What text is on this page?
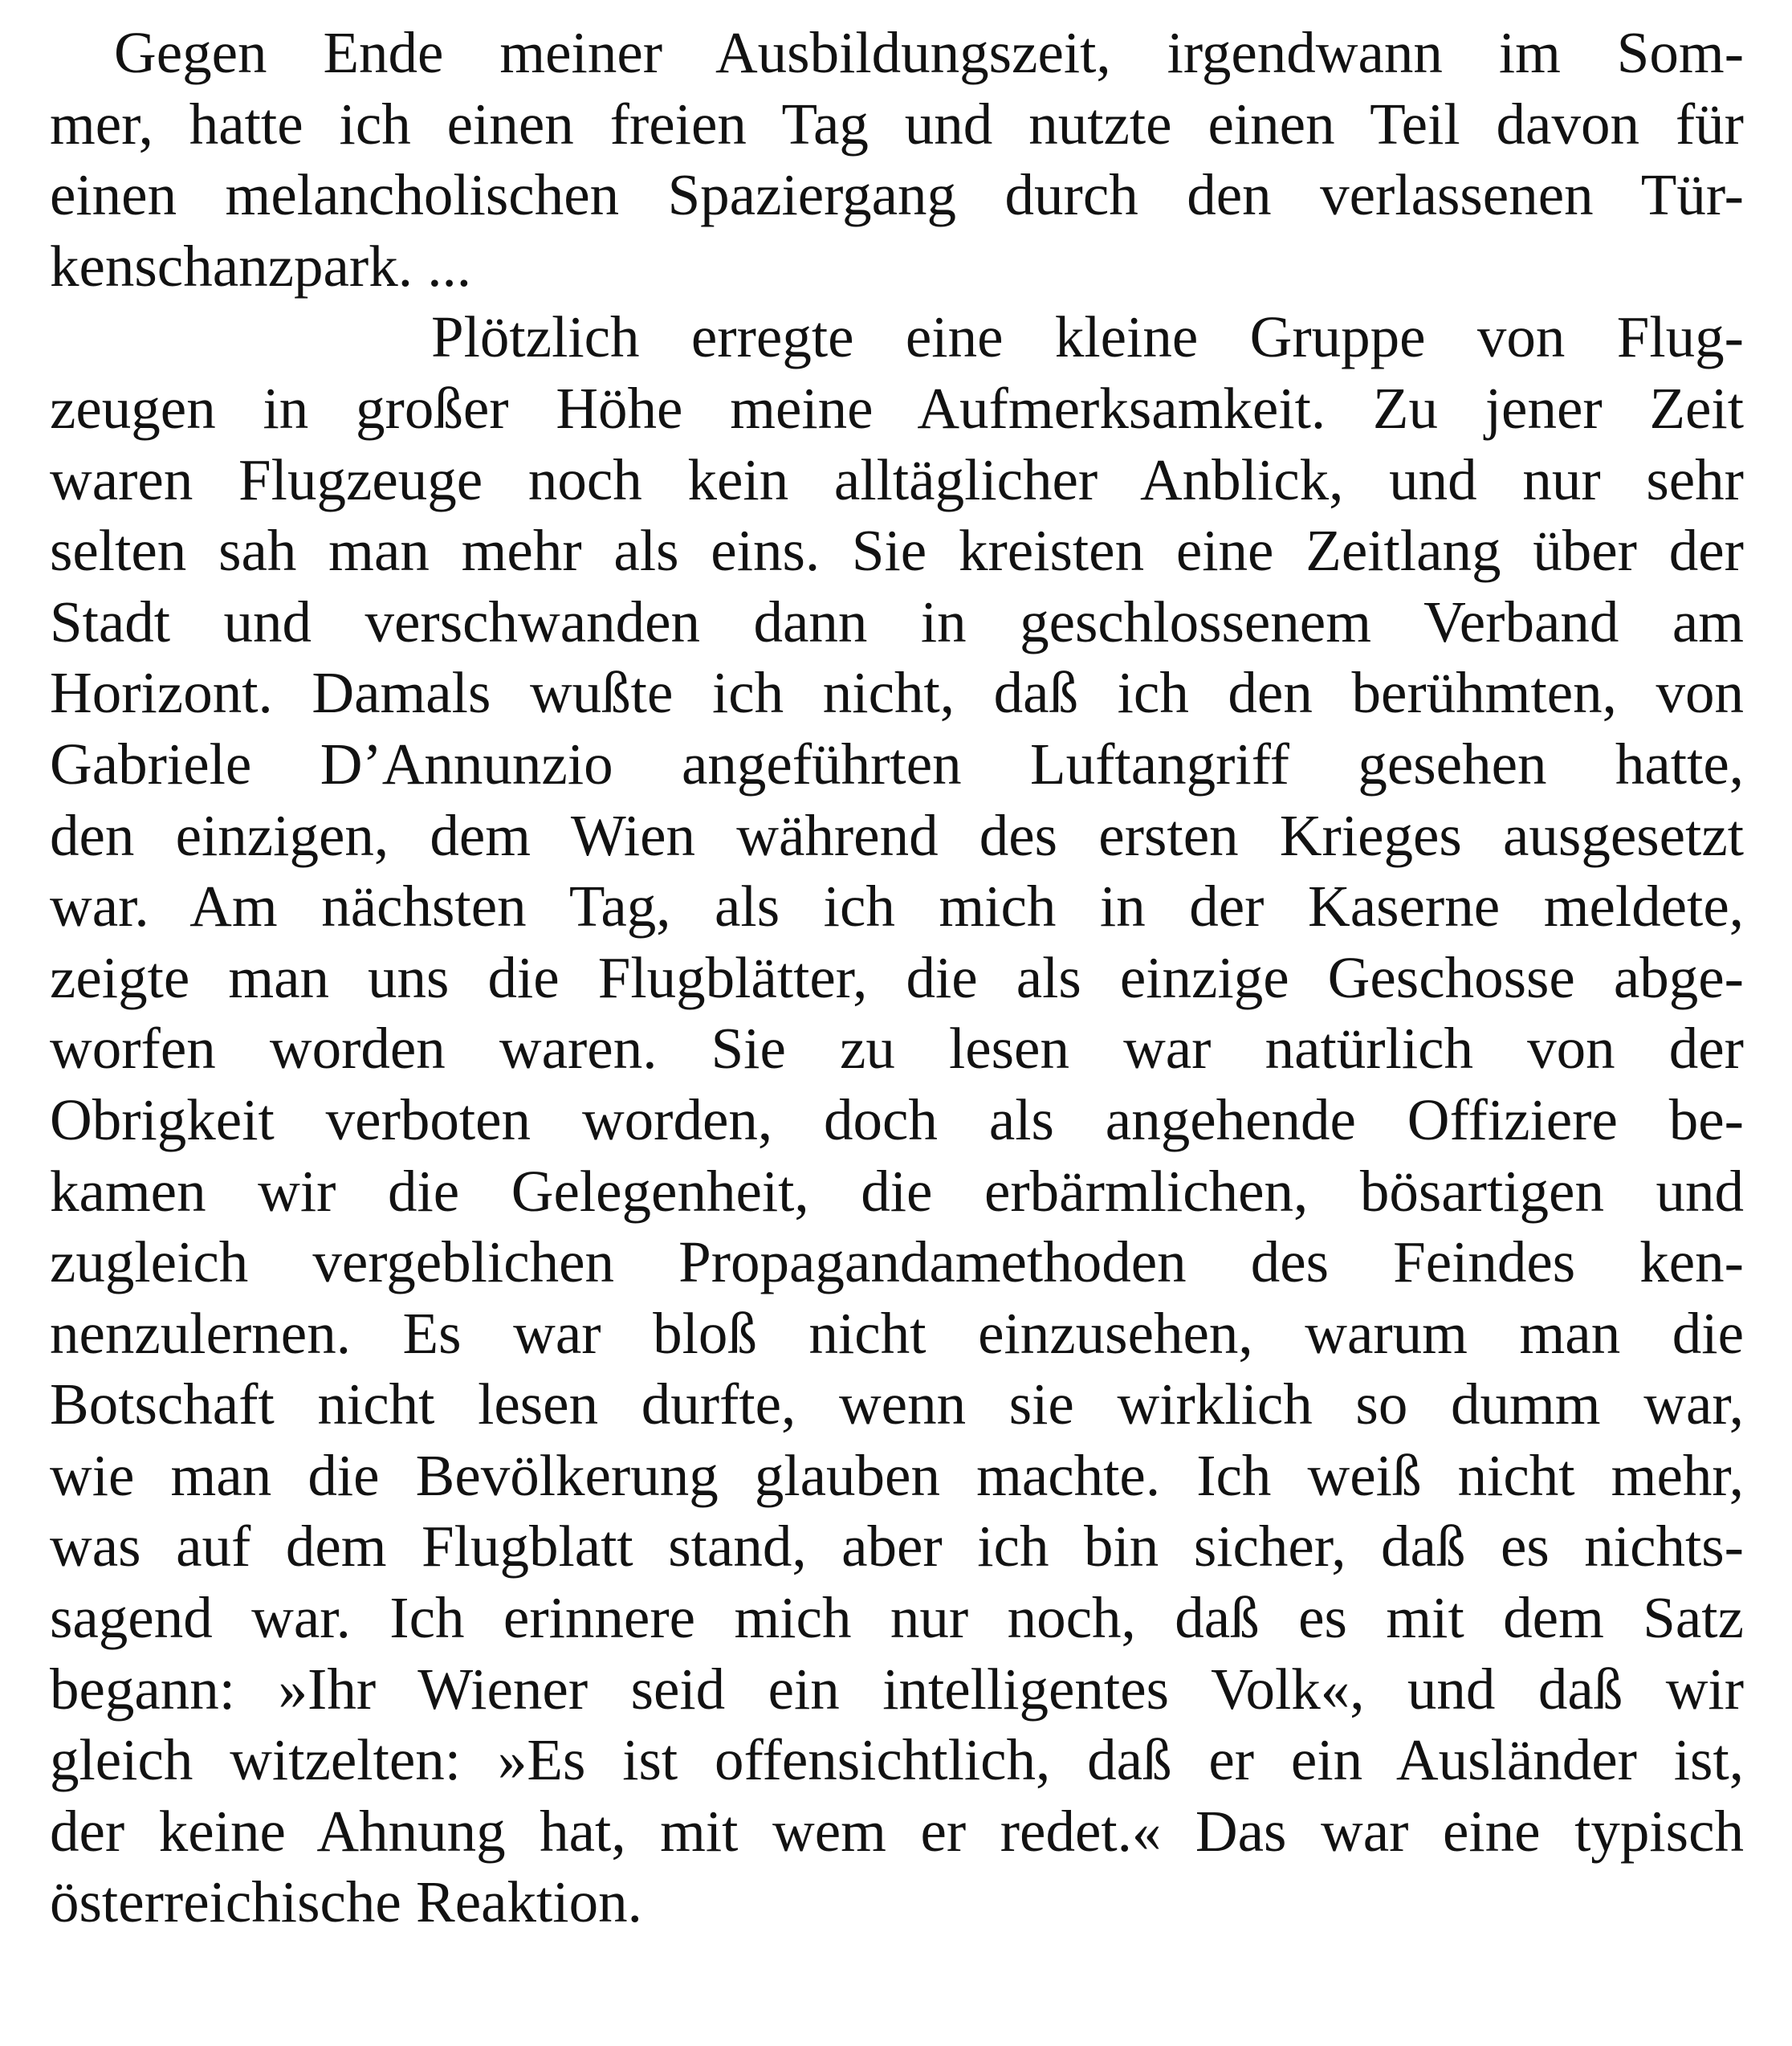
Gegen Ende meiner Ausbildungszeit, irgendwann im Som-
mer, hatte ich einen freien Tag und nutzte einen Teil davon für
einen melancholischen Spaziergang durch den verlassenen Tür-
kenschanzpark. ...
Plötzlich erregte eine kleine Gruppe von Flug-
zeugen in großer Höhe meine Aufmerksamkeit. Zu jener Zeit
waren Flugzeuge noch kein alltäglicher Anblick, und nur sehr
selten sah man mehr als eins. Sie kreisten eine Zeitlang über der
Stadt und verschwanden dann in geschlossenem Verband am
Horizont. Damals wußte ich nicht, daß ich den berühmten, von
Gabriele D’Annunzio angeführten Luftangriff gesehen hatte,
den einzigen, dem Wien während des ersten Krieges ausgesetzt
war. Am nächsten Tag, als ich mich in der Kaserne meldete,
zeigte man uns die Flugblätter, die als einzige Geschosse abge-
worfen worden waren. Sie zu lesen war natürlich von der
Obrigkeit verboten worden, doch als angehende Offiziere be-
kamen wir die Gelegenheit, die erbärmlichen, bösartigen und
zugleich vergeblichen Propagandamethoden des Feindes ken-
nenzulernen. Es war bloß nicht einzusehen, warum man die
Botschaft nicht lesen durfte, wenn sie wirklich so dumm war,
wie man die Bevölkerung glauben machte. Ich weiß nicht mehr,
was auf dem Flugblatt stand, aber ich bin sicher, daß es nichts-
sagend war. Ich erinnere mich nur noch, daß es mit dem Satz
begann: »Ihr Wiener seid ein intelligentes Volk«, und daß wir
gleich witzelten: »Es ist offensichtlich, daß er ein Ausländer ist,
der keine Ahnung hat, mit wem er redet.« Das war eine typisch
österreichische Reaktion.
